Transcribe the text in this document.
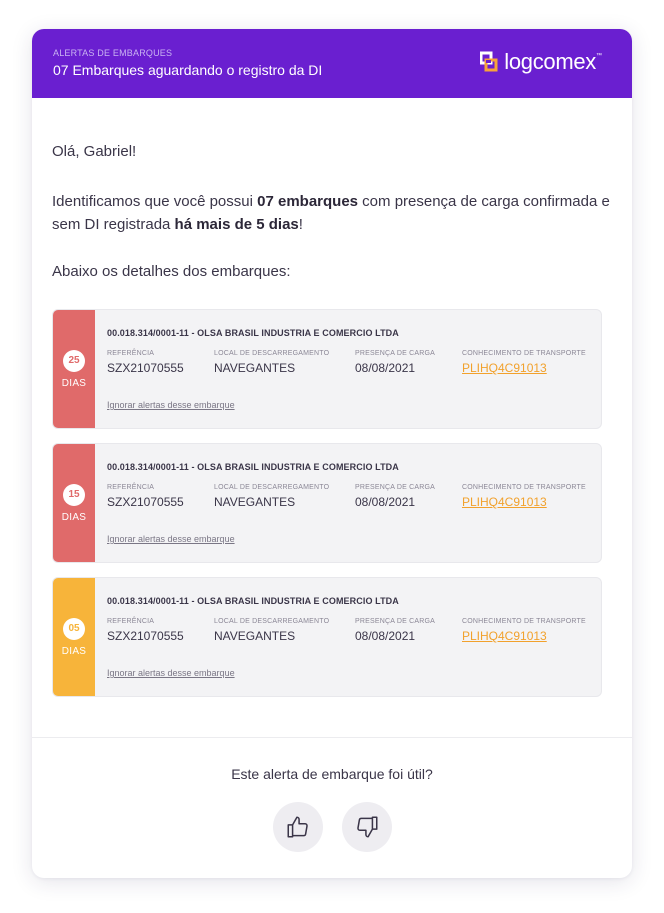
ALERTAS DE EMBARQUES
07 Embarques aguardando o registro da DI	logcomex ™
Olá, Gabriel!
Identificamos que você possui 07 embarques com presença de carga confirmada e sem DI registrada há mais de 5 dias!
Abaixo os detalhes dos embarques:
25
DIAS
00.018.314/0001-11 - OLSA BRASIL INDUSTRIA E COMERCIO LTDA
REFERÊNCIA
SZX21070555
LOCAL DE DESCARREGAMENTO
NAVEGANTES
PRESENÇA DE CARGA
08/08/2021
CONHECIMENTO DE TRANSPORTE
PLIHQ4C91013
Ignorar alertas desse embarque
15
DIAS
00.018.314/0001-11 - OLSA BRASIL INDUSTRIA E COMERCIO LTDA
REFERÊNCIA
SZX21070555
LOCAL DE DESCARREGAMENTO
NAVEGANTES
PRESENÇA DE CARGA
08/08/2021
CONHECIMENTO DE TRANSPORTE
PLIHQ4C91013
Ignorar alertas desse embarque
05
DIAS
00.018.314/0001-11 - OLSA BRASIL INDUSTRIA E COMERCIO LTDA
REFERÊNCIA
SZX21070555
LOCAL DE DESCARREGAMENTO
NAVEGANTES
PRESENÇA DE CARGA
08/08/2021
CONHECIMENTO DE TRANSPORTE
PLIHQ4C91013
Ignorar alertas desse embarque
Este alerta de embarque foi útil?
